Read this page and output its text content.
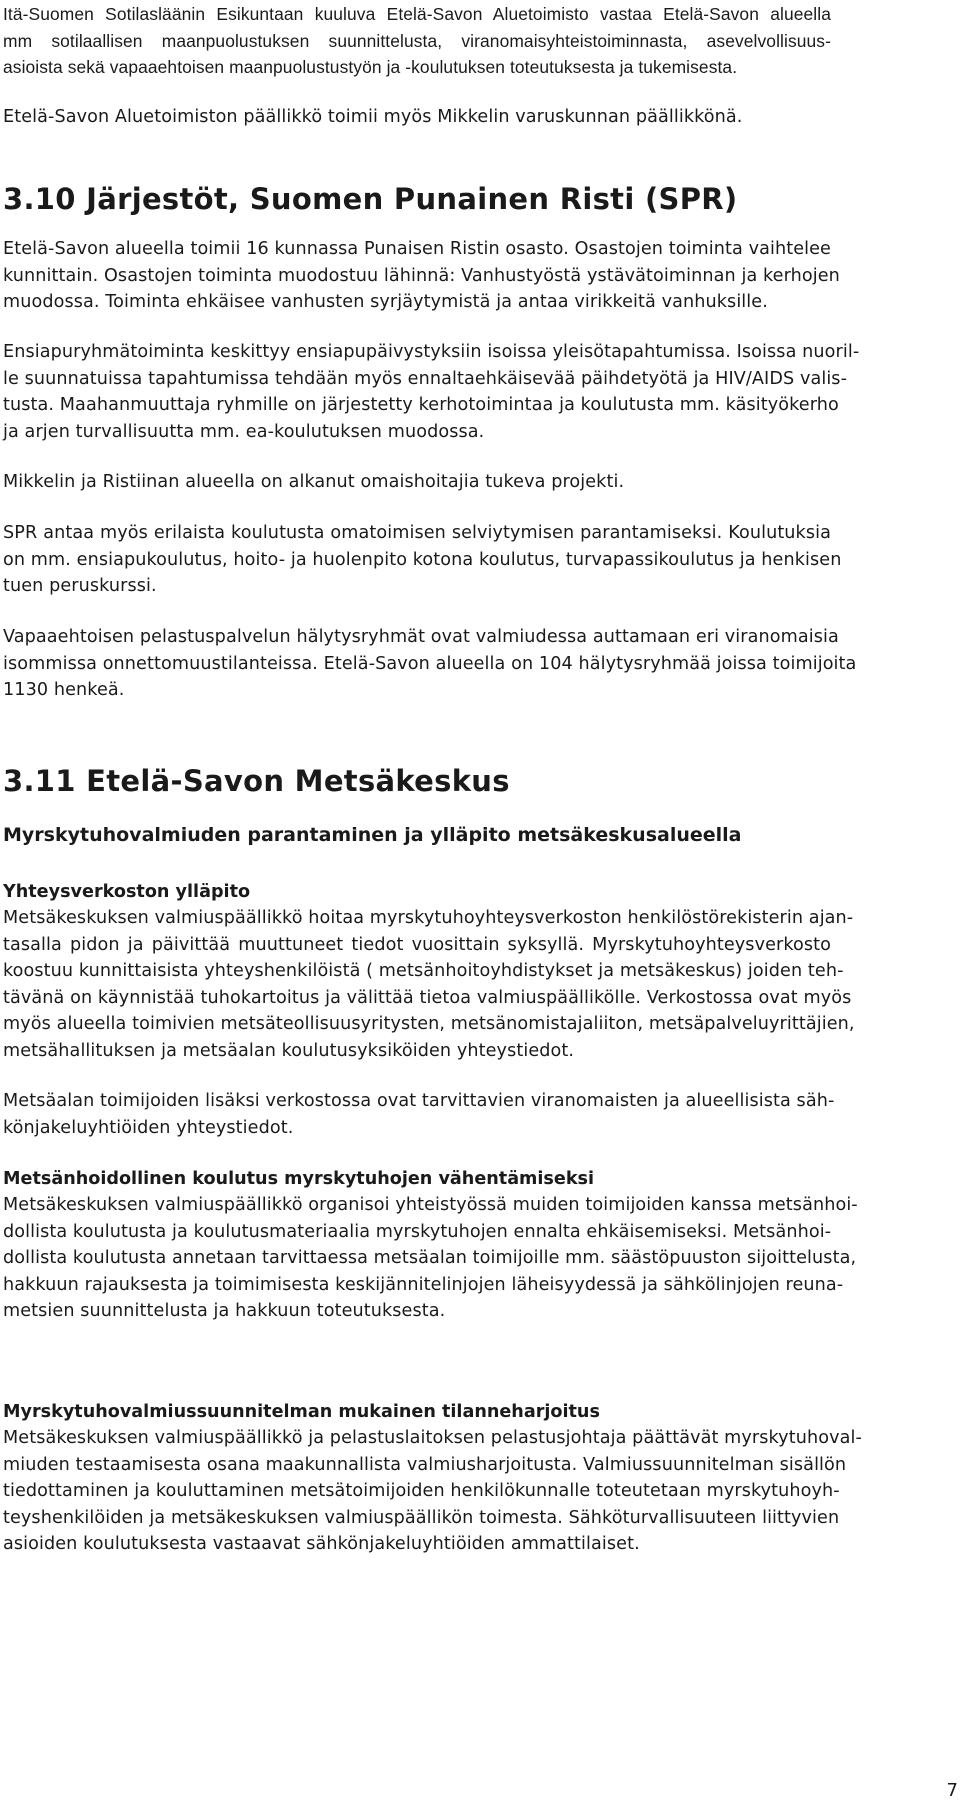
Itä-Suomen Sotilasläänin Esikuntaan kuuluva Etelä-Savon Aluetoimisto vastaa Etelä-Savon alueella
mm sotilaallisen maanpuolustuksen suunnittelusta, viranomaisyhteistoiminnasta, asevelvollisuus-
asioista sekä vapaaehtoisen maanpuolustustyön ja -koulutuksen toteutuksesta ja tukemisesta.
Etelä-Savon Aluetoimiston päällikkö toimii myös Mikkelin varuskunnan päällikkönä.
3.10 Järjestöt, Suomen Punainen Risti (SPR)
Etelä-Savon alueella toimii 16 kunnassa Punaisen Ristin osasto. Osastojen toiminta vaihtelee
kunnittain. Osastojen toiminta muodostuu lähinnä: Vanhustyöstä ystävätoiminnan ja kerhojen
muodossa. Toiminta ehkäisee vanhusten syrjäytymistä ja antaa virikkeitä vanhuksille.
Ensiapuryhmätoiminta keskittyy ensiapupäivystyksiin isoissa yleisötapahtumissa. Isoissa nuoril-
le suunnatuissa tapahtumissa tehdään myös ennaltaehkäisevää päihdetyötä ja HIV/AIDS valis-
tusta. Maahanmuuttaja ryhmille on järjestetty kerhotoimintaa ja koulutusta mm. käsityökerho
ja arjen turvallisuutta mm. ea-koulutuksen muodossa.
Mikkelin ja Ristiinan alueella on alkanut omaishoitajia tukeva projekti.
SPR antaa myös erilaista koulutusta omatoimisen selviytymisen parantamiseksi. Koulutuksia
on mm. ensiapukoulutus, hoito- ja huolenpito kotona koulutus, turvapassikoulutus ja henkisen
tuen peruskurssi.
Vapaaehtoisen pelastuspalvelun hälytysryhmät ovat valmiudessa auttamaan eri viranomaisia
isommissa onnettomuustilanteissa. Etelä-Savon alueella on 104 hälytysryhmää joissa toimijoita
1130 henkeä.
3.11 Etelä-Savon Metsäkeskus
Myrskytuhovalmiuden parantaminen ja ylläpito metsäkeskusalueella
Yhteysverkoston ylläpito
Metsäkeskuksen valmiuspäällikkö hoitaa myrskytuhoyhteysverkoston henkilöstörekisterin ajan-
tasalla pidon ja päivittää muuttuneet tiedot vuosittain syksyllä. Myrskytuhoyhteysverkosto
koostuu kunnittaisista yhteyshenkilöistä ( metsänhoitoyhdistykset ja metsäkeskus) joiden teh-
tävänä on käynnistää tuhokartoitus ja välittää tietoa valmiuspäällikölle. Verkostossa ovat myös
myös alueella toimivien metsäteollisuusyritysten, metsänomistajaliiton, metsäpalveluyrittäjien,
metsähallituksen ja metsäalan koulutusyksiköiden yhteystiedot.
Metsäalan toimijoiden lisäksi verkostossa ovat tarvittavien viranomaisten ja alueellisista säh-
könjakeluyhtiöiden yhteystiedot.
Metsänhoidollinen koulutus myrskytuhojen vähentämiseksi
Metsäkeskuksen valmiuspäällikkö organisoi yhteistyössä muiden toimijoiden kanssa metsänhoi-
dollista koulutusta ja koulutusmateriaalia myrskytuhojen ennalta ehkäisemiseksi. Metsänhoi-
dollista koulutusta annetaan tarvittaessa metsäalan toimijoille mm. säästöpuuston sijoittelusta,
hakkuun rajauksesta ja toimimisesta keskijännitelinjojen läheisyydessä ja sähkölinjojen reuna-
metsien suunnittelusta ja hakkuun toteutuksesta.
Myrskytuhovalmiussuunnitelman mukainen tilanneharjoitus
Metsäkeskuksen valmiuspäällikkö ja pelastuslaitoksen pelastusjohtaja päättävät myrskytuhoval-
miuden testaamisesta osana maakunnallista valmiusharjoitusta. Valmiussuunnitelman sisällön
tiedottaminen ja kouluttaminen metsätoimijoiden henkilökunnalle toteutetaan myrskytuhoyh-
teyshenkilöiden ja metsäkeskuksen valmiuspäällikön toimesta. Sähköturvallisuuteen liittyvien
asioiden koulutuksesta vastaavat sähkönjakeluyhtiöiden ammattilaiset.
7
